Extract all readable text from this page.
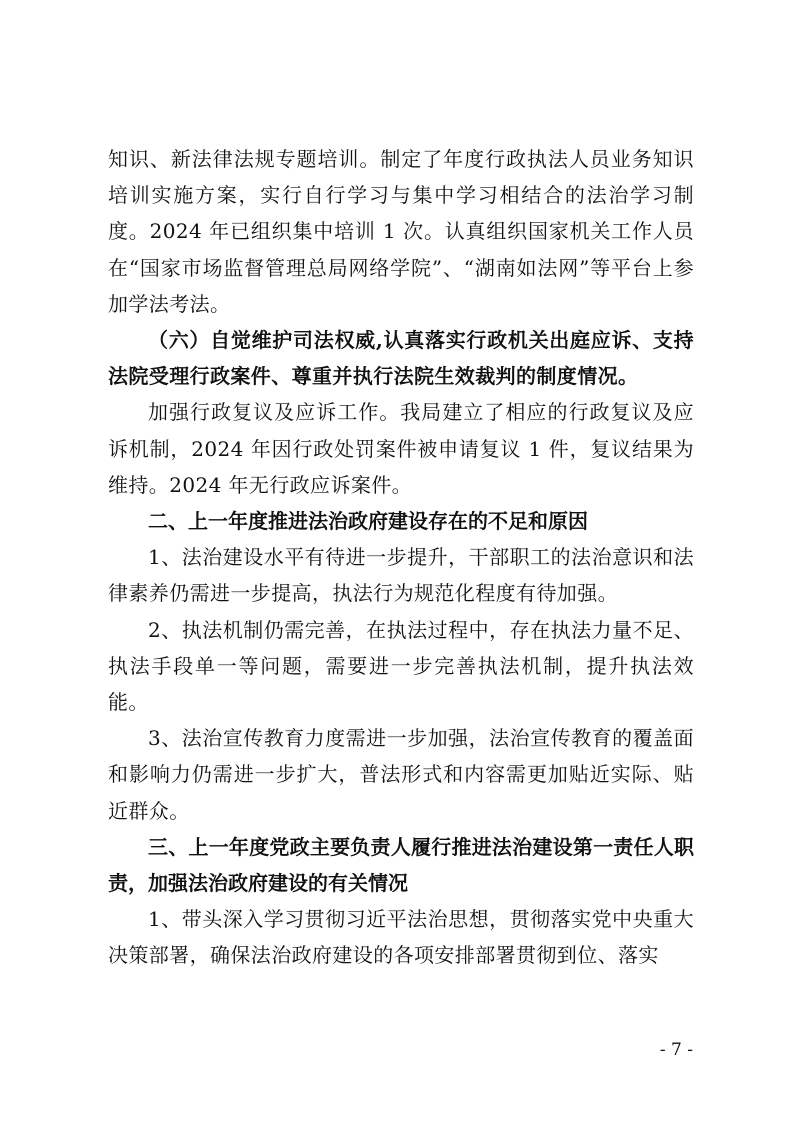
知识、新法律法规专题培训。制定了年度行政执法人员业务知识培训实施方案，实行自行学习与集中学习相结合的法治学习制度。2024 年已组织集中培训 1 次。认真组织国家机关工作人员在“国家市场监督管理总局网络学院”、“湖南如法网”等平台上参加学法考法。

（六）自觉维护司法权威,认真落实行政机关出庭应诉、支持法院受理行政案件、尊重并执行法院生效裁判的制度情况。

加强行政复议及应诉工作。我局建立了相应的行政复议及应诉机制，2024 年因行政处罚案件被申请复议 1 件，复议结果为维持。2024 年无行政应诉案件。

二、上一年度推进法治政府建设存在的不足和原因

1、法治建设水平有待进一步提升，干部职工的法治意识和法律素养仍需进一步提高，执法行为规范化程度有待加强。

2、执法机制仍需完善，在执法过程中，存在执法力量不足、执法手段单一等问题，需要进一步完善执法机制，提升执法效能。

3、法治宣传教育力度需进一步加强，法治宣传教育的覆盖面和影响力仍需进一步扩大，普法形式和内容需更加贴近实际、贴近群众。

三、上一年度党政主要负责人履行推进法治建设第一责任人职责，加强法治政府建设的有关情况

1、带头深入学习贯彻习近平法治思想，贯彻落实党中央重大决策部署，确保法治政府建设的各项安排部署贯彻到位、落实

- 7 -
